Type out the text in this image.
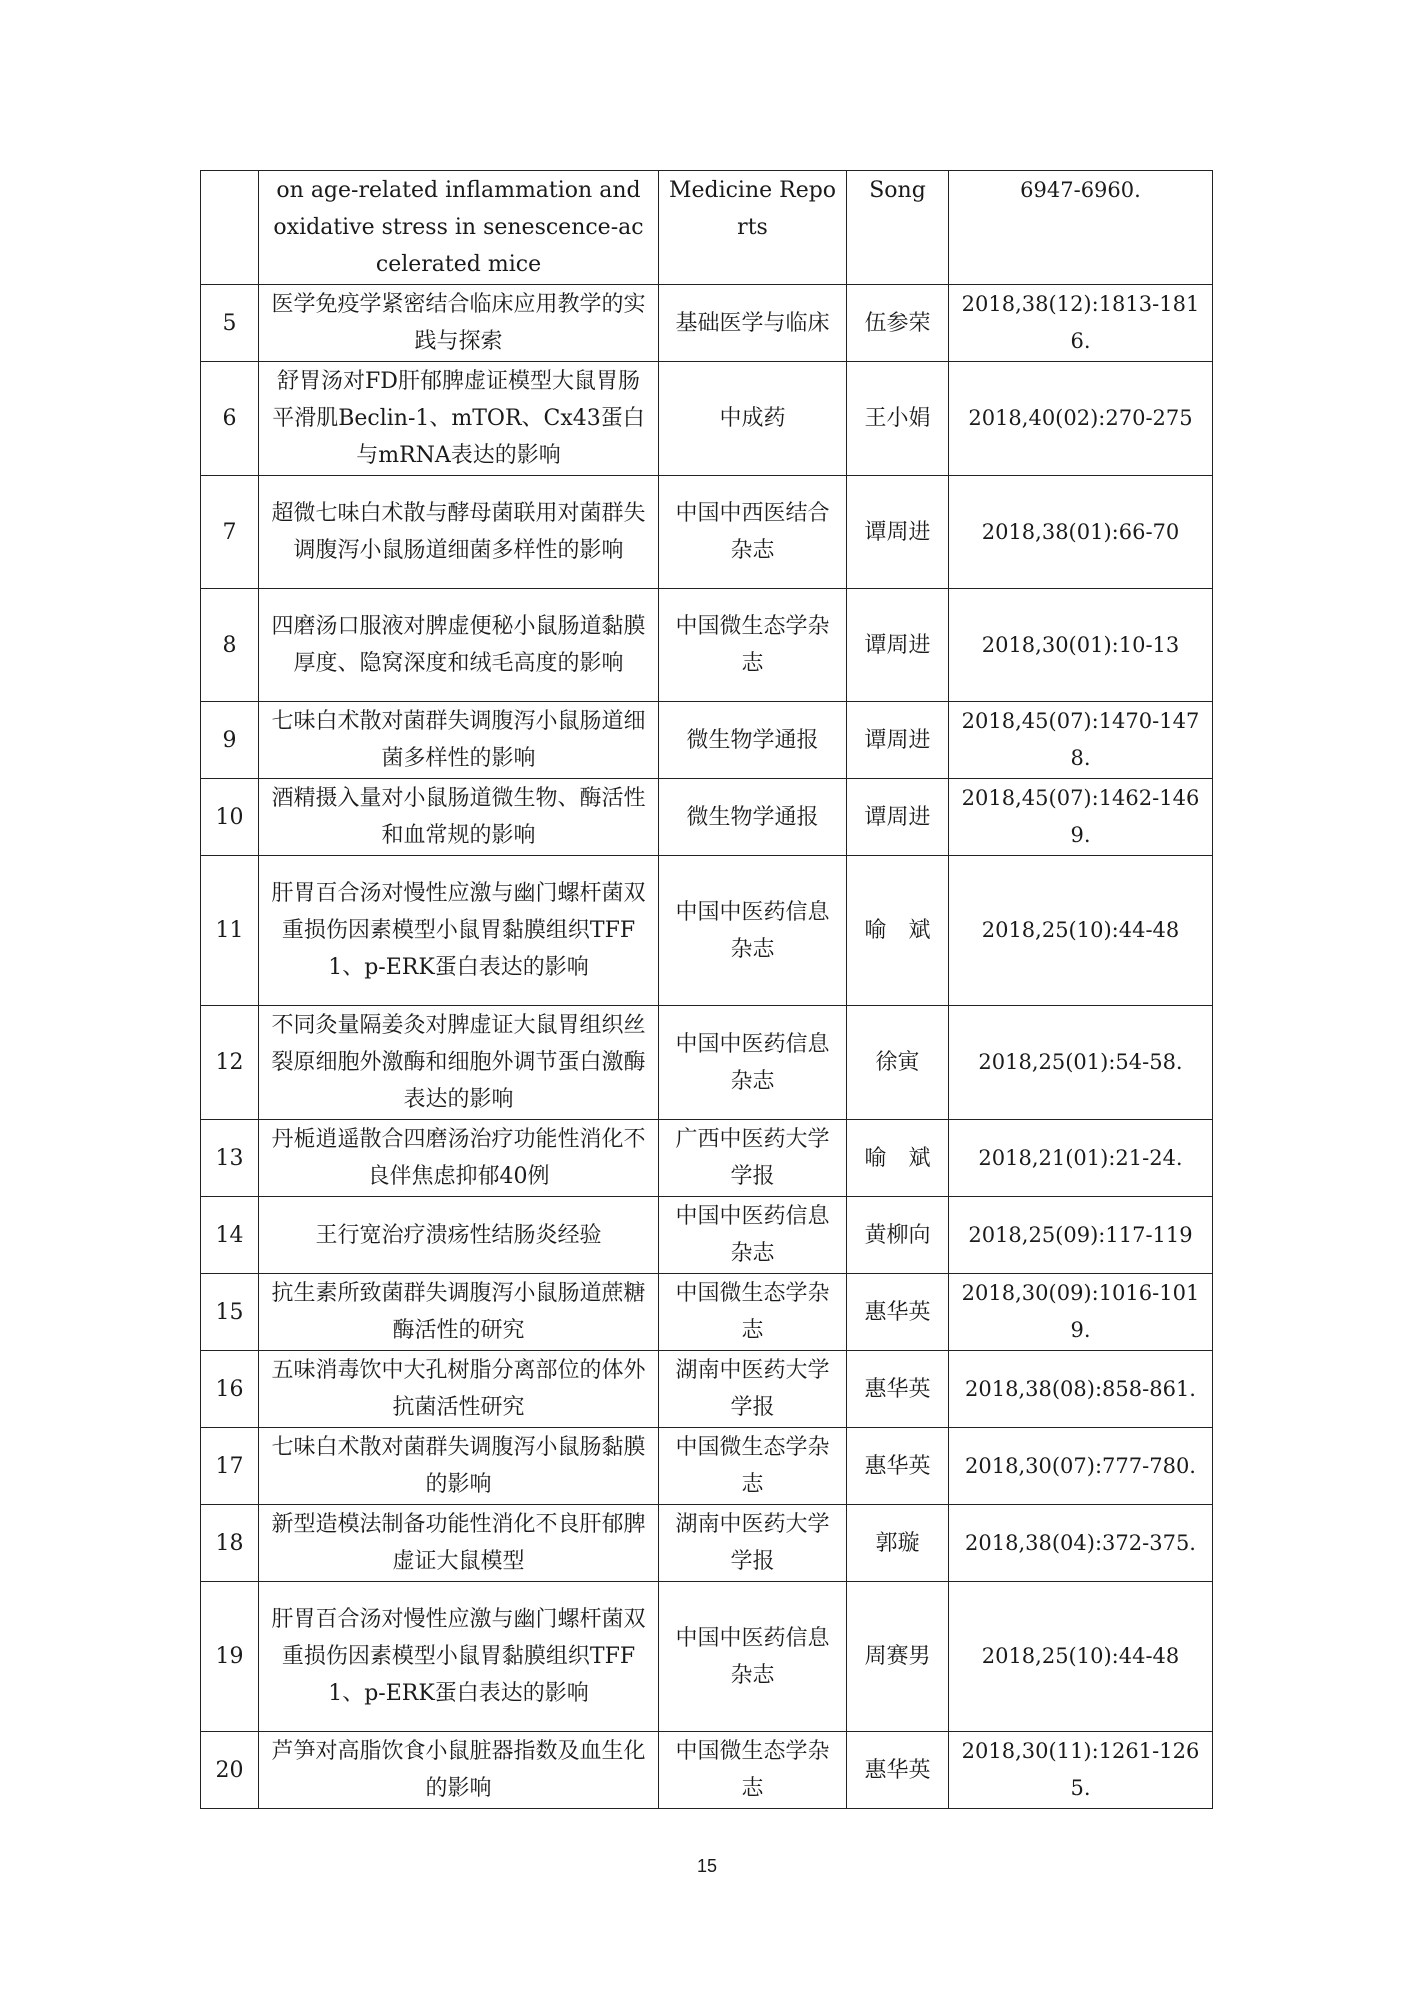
	on age-related inflammation and oxidative stress in senescence-accelerated mice	Medicine Reports	Song	6947-6960.
5	医学免疫学紧密结合临床应用教学的实践与探索	基础医学与临床	伍参荣	2018,38(12):1813-1816.
6	舒胃汤对FD肝郁脾虚证模型大鼠胃肠平滑肌Beclin-1、mTOR、Cx43蛋白与mRNA表达的影响	中成药	王小娟	2018,40(02):270-275
7	超微七味白术散与酵母菌联用对菌群失调腹泻小鼠肠道细菌多样性的影响	中国中西医结合杂志	谭周进	2018,38(01):66-70
8	四磨汤口服液对脾虚便秘小鼠肠道黏膜厚度、隐窝深度和绒毛高度的影响	中国微生态学杂志	谭周进	2018,30(01):10-13
9	七味白术散对菌群失调腹泻小鼠肠道细菌多样性的影响	微生物学通报	谭周进	2018,45(07):1470-1478.
10	酒精摄入量对小鼠肠道微生物、酶活性和血常规的影响	微生物学通报	谭周进	2018,45(07):1462-1469.
11	肝胃百合汤对慢性应激与幽门螺杆菌双重损伤因素模型小鼠胃黏膜组织TFF1、p-ERK蛋白表达的影响	中国中医药信息杂志	喻　斌	2018,25(10):44-48
12	不同灸量隔姜灸对脾虚证大鼠胃组织丝裂原细胞外激酶和细胞外调节蛋白激酶表达的影响	中国中医药信息杂志	徐寅	2018,25(01):54-58.
13	丹栀逍遥散合四磨汤治疗功能性消化不良伴焦虑抑郁40例	广西中医药大学学报	喻　斌	2018,21(01):21-24.
14	王行宽治疗溃疡性结肠炎经验	中国中医药信息杂志	黄柳向	2018,25(09):117-119
15	抗生素所致菌群失调腹泻小鼠肠道蔗糖酶活性的研究	中国微生态学杂志	惠华英	2018,30(09):1016-1019.
16	五味消毒饮中大孔树脂分离部位的体外抗菌活性研究	湖南中医药大学学报	惠华英	2018,38(08):858-861.
17	七味白术散对菌群失调腹泻小鼠肠黏膜的影响	中国微生态学杂志	惠华英	2018,30(07):777-780.
18	新型造模法制备功能性消化不良肝郁脾虚证大鼠模型	湖南中医药大学学报	郭璇	2018,38(04):372-375.
19	肝胃百合汤对慢性应激与幽门螺杆菌双重损伤因素模型小鼠胃黏膜组织TFF1、p-ERK蛋白表达的影响	中国中医药信息杂志	周赛男	2018,25(10):44-48
20	芦笋对高脂饮食小鼠脏器指数及血生化的影响	中国微生态学杂志	惠华英	2018,30(11):1261-1265.
15
